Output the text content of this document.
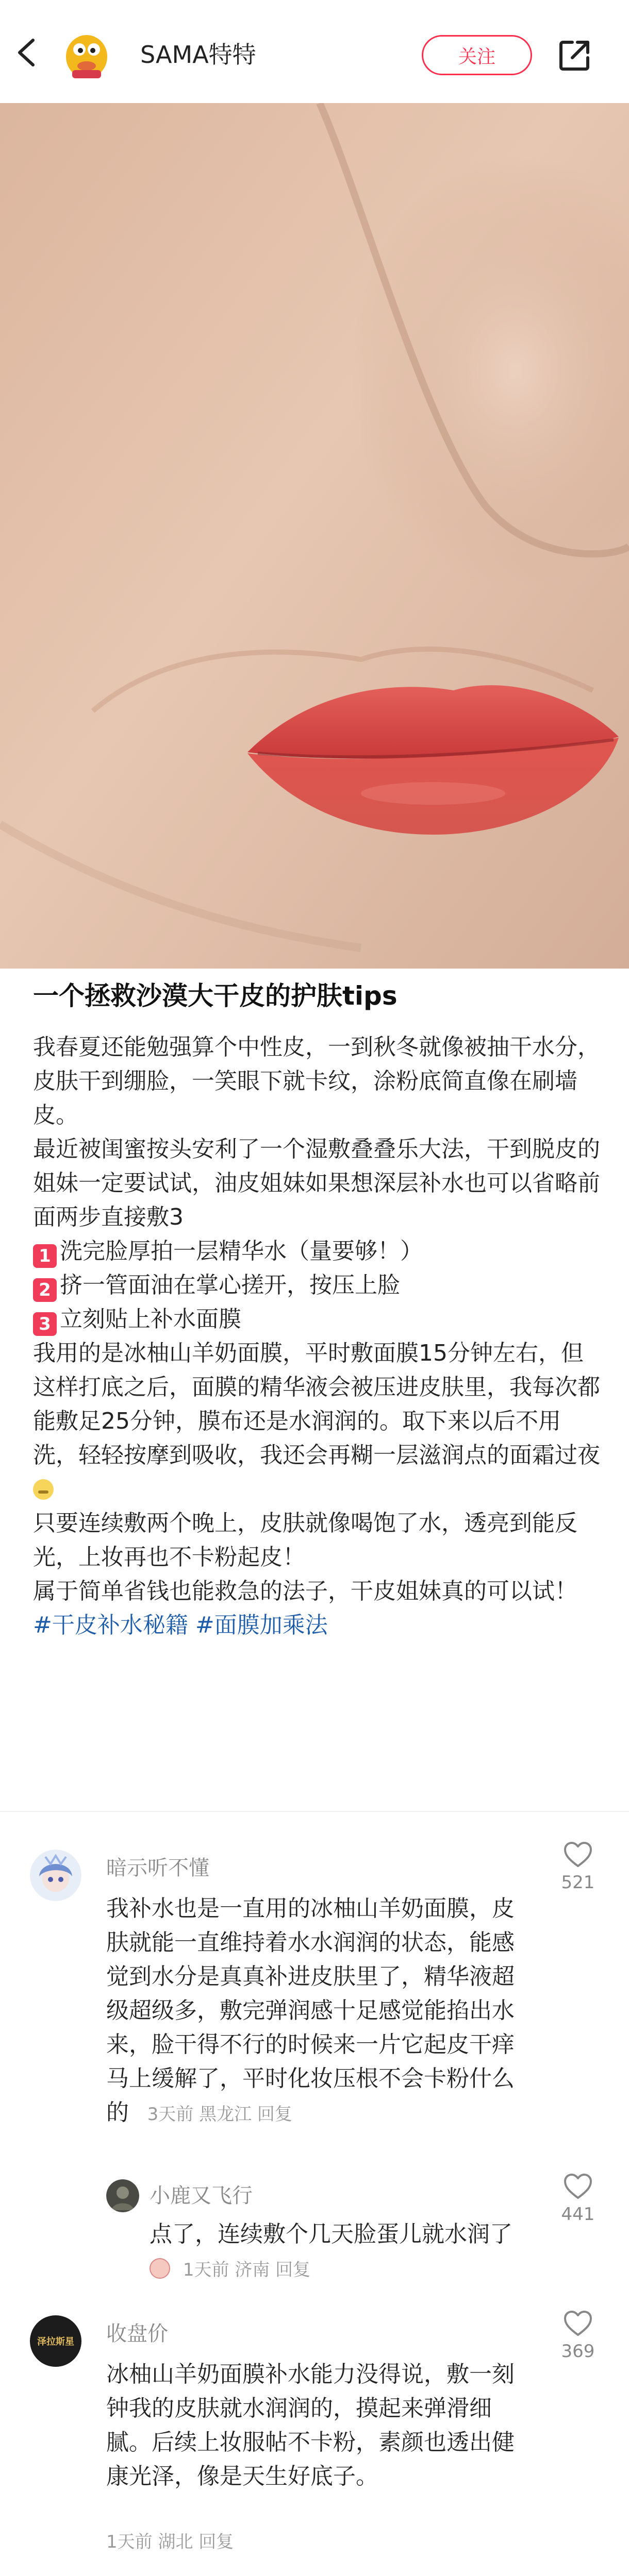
SAMA特特	关注
一个拯救沙漠大干皮的护肤tips

我春夏还能勉强算个中性皮，一到秋冬就像被抽干水分，皮肤干到绷脸，一笑眼下就卡纹，涂粉底简直像在刷墙皮。

最近被闺蜜按头安利了一个湿敷叠叠乐大法，干到脱皮的姐妹一定要试试，油皮姐妹如果想深层补水也可以省略前面两步直接敷3

1 洗完脸厚拍一层精华水（量要够！）

2 挤一管面油在掌心搓开，按压上脸

3 立刻贴上补水面膜

我用的是冰柚山羊奶面膜，平时敷面膜15分钟左右，但这样打底之后，面膜的精华液会被压进皮肤里，我每次都能敷足25分钟，膜布还是水润润的。取下来以后不用洗，轻轻按摩到吸收，我还会再糊一层滋润点的面霜过夜

只要连续敷两个晚上，皮肤就像喝饱了水，透亮到能反光，上妆再也不卡粉起皮！

属于简单省钱也能救急的法子，干皮姐妹真的可以试！

#干皮补水秘籍 #面膜加乘法

暗示听不懂
我补水也是一直用的冰柚山羊奶面膜，皮肤就能一直维持着水水润润的状态，能感觉到水分是真真补进皮肤里了，精华液超级超级多，敷完弹润感十足感觉能掐出水来，脸干得不行的时候来一片它起皮干痒马上缓解了，平时化妆压根不会卡粉什么的 3天前 黑龙江 回复
521
小鹿又飞行
点了，连续敷个几天脸蛋儿就水润了  1天前 济南 回复
441
泽拉斯星 收盘价
冰柚山羊奶面膜补水能力没得说，敷一刻钟我的皮肤就水润润的，摸起来弹滑细腻。后续上妆服帖不卡粉，素颜也透出健康光泽，像是天生好底子。
1天前 湖北 回复
369
